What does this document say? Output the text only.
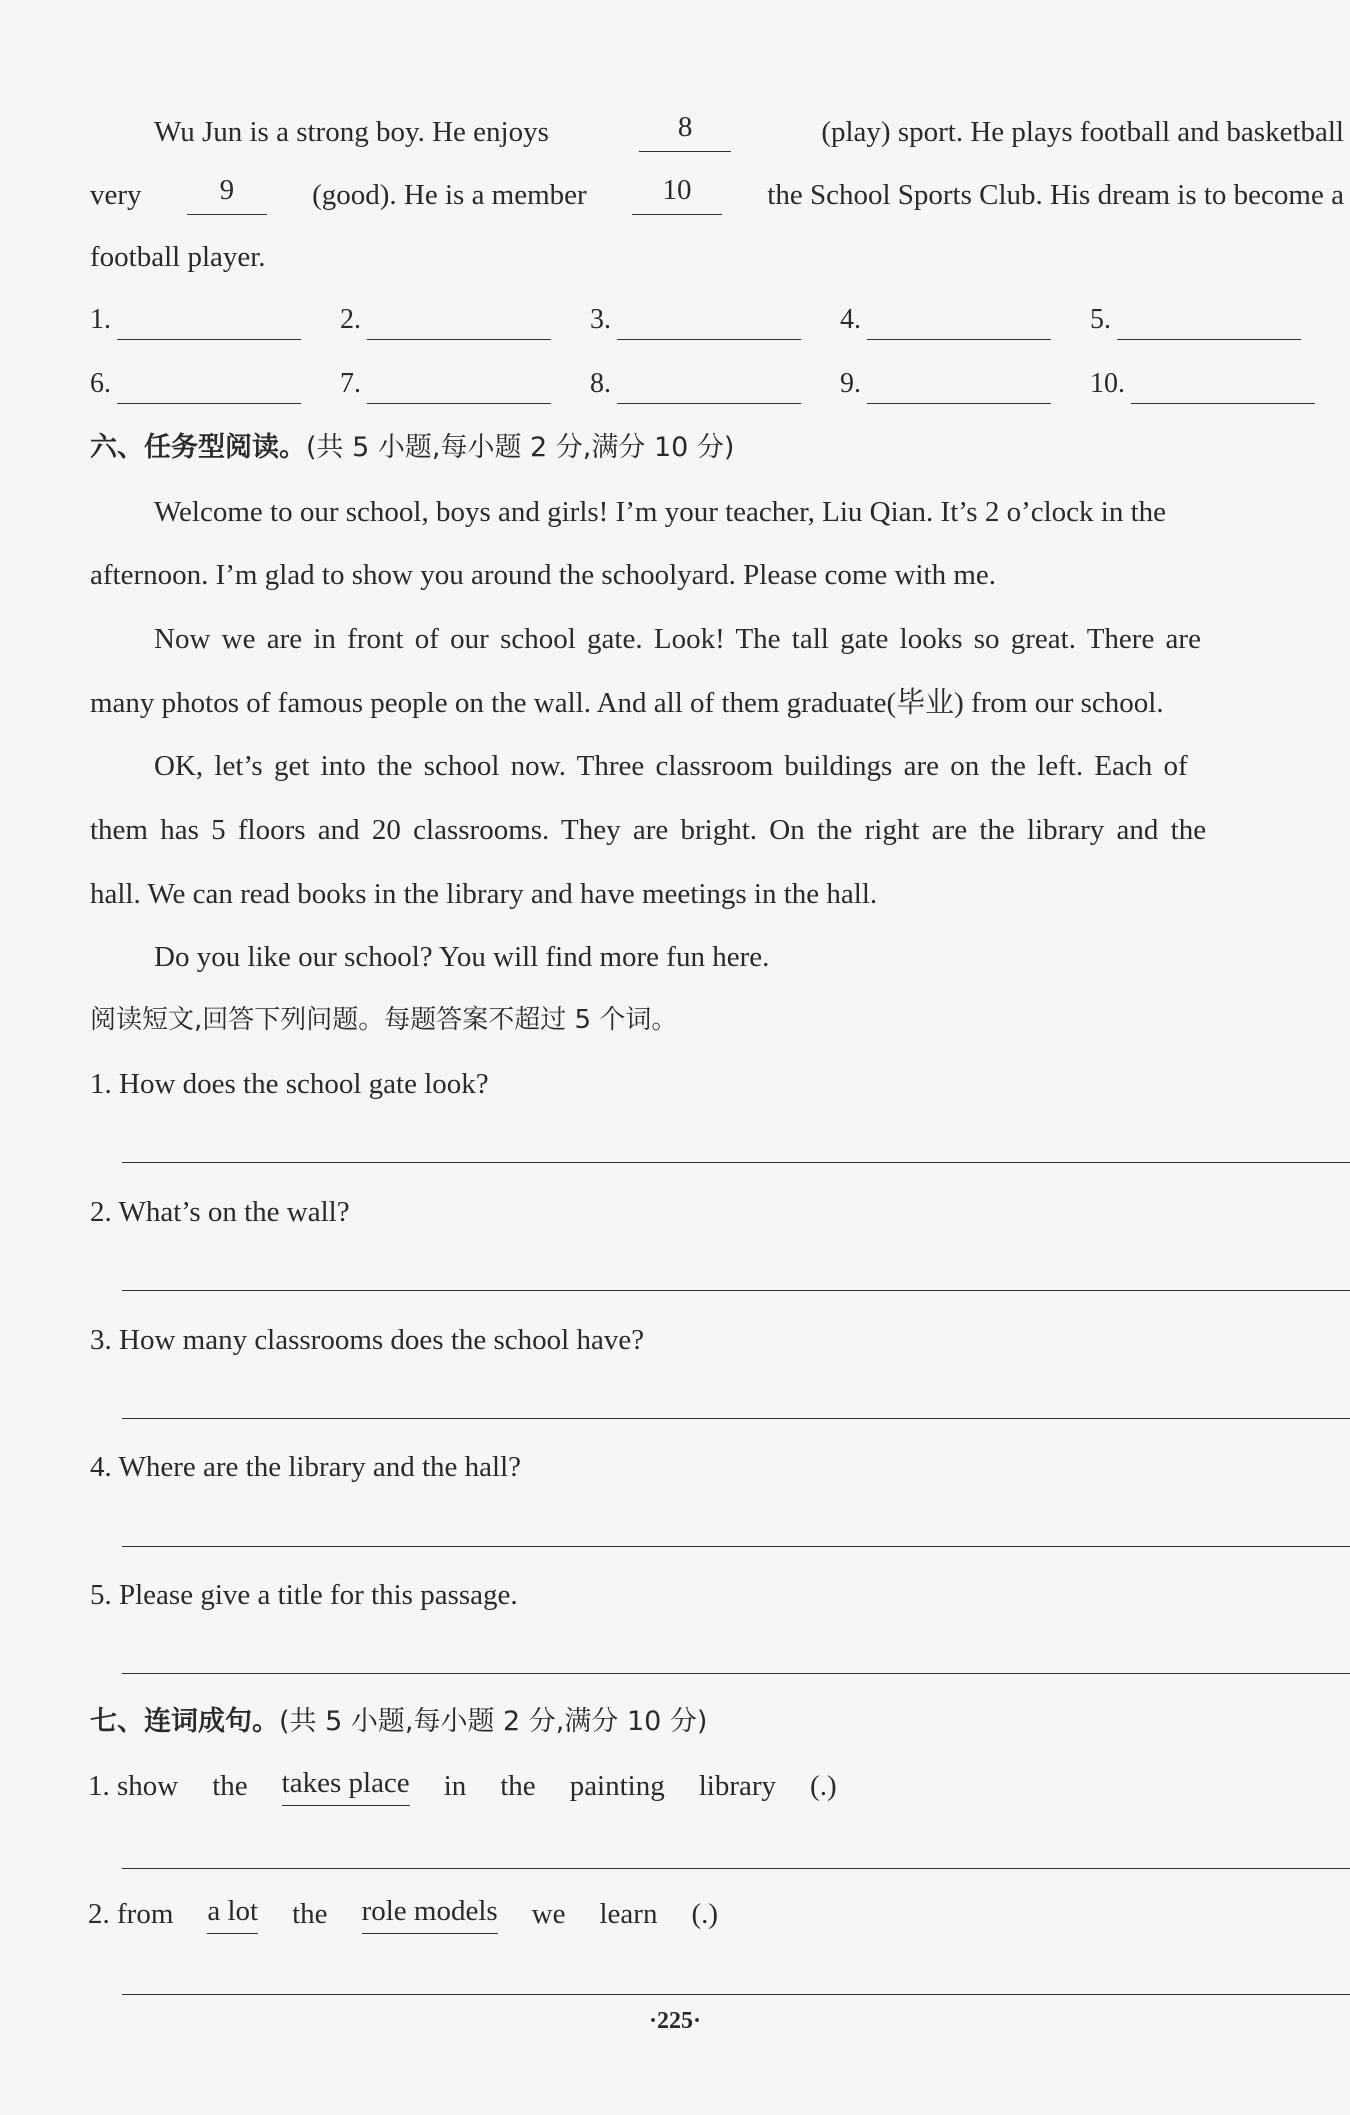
Wu Jun is a strong boy. He enjoys	8	(play) sport. He plays football and basketball
very	9	(good). He is a member	10	the School Sports Club. His dream is to become a
football player.
1.	2.	3.	4.	5.
6.	7.	8.	9.	10.
六、任务型阅读。(共 5 小题,每小题 2 分,满分 10 分)
Welcome to our school, boys and girls! I’m your teacher, Liu Qian. It’s 2 o’clock in the
afternoon. I’m glad to show you around the schoolyard. Please come with me.
Now we are in front of our school gate. Look! The tall gate looks so great. There are
many photos of famous people on the wall. And all of them graduate(毕业) from our school.
OK, let’s get into the school now. Three classroom buildings are on the left. Each of
them has 5 floors and 20 classrooms. They are bright. On the right are the library and the
hall. We can read books in the library and have meetings in the hall.
Do you like our school? You will find more fun here.
阅读短文,回答下列问题。每题答案不超过 5 个词。
1. How does the school gate look?
2. What’s on the wall?
3. How many classrooms does the school have?
4. Where are the library and the hall?
5. Please give a title for this passage.
七、连词成句。(共 5 小题,每小题 2 分,满分 10 分)
1. show the takes place in the painting library (.)
2. from a lot the role models we learn (.)
·225·
